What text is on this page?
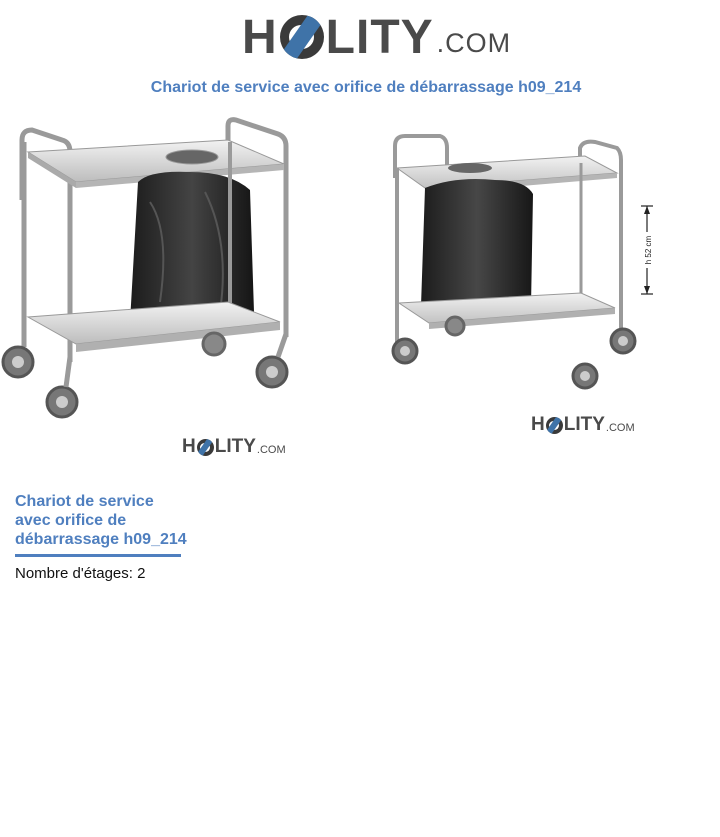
H LITY .COM
Chariot de service avec orifice de débarrassage h09_214
H LITY .COM
h 52 cm
H LITY .COM
Chariot de service
avec orifice de
débarrassage h09_214
Nombre d'étages: 2
